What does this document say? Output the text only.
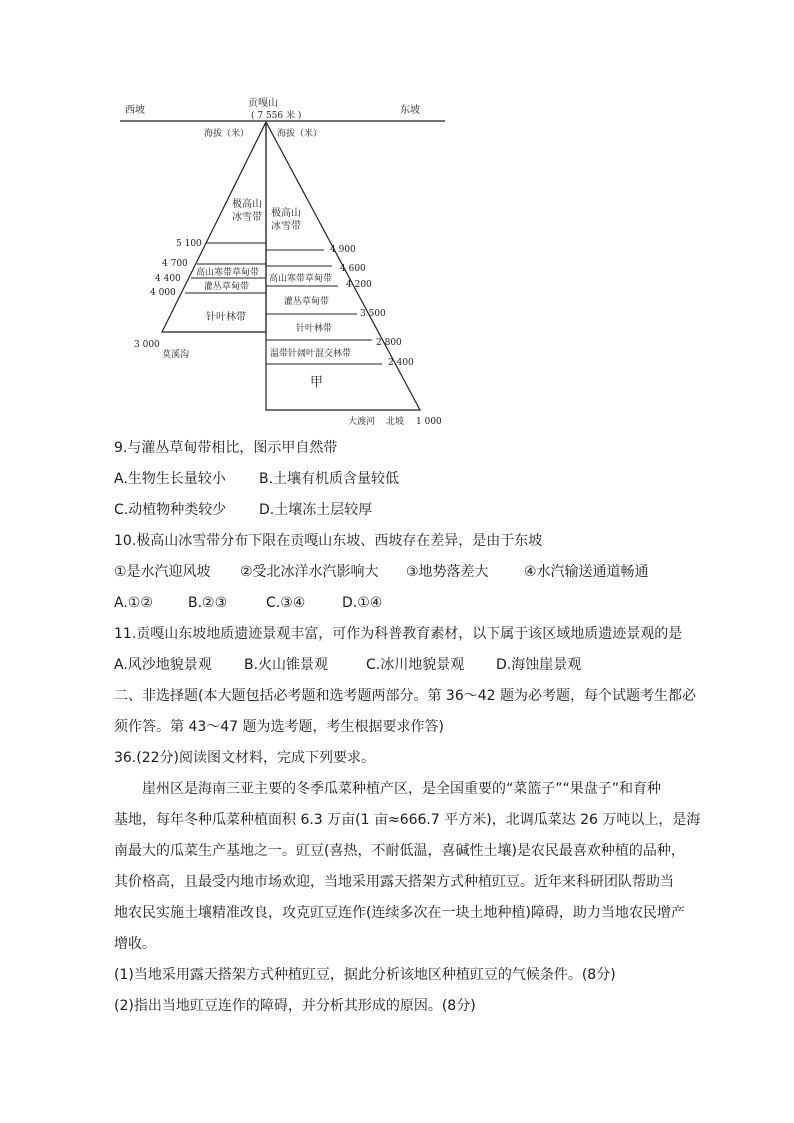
西坡	东坡
贡嘎山
( 7 556 米 )
海拔（米）	海拔（米）
极高山
冰雪带
高山寒带草甸带
灌丛草甸带
针叶林带
极高山
冰雪带
高山寒带草甸带
灌丛草甸带
针叶林带
温带针阔叶混交林带
甲
5 100
4 700
4 400
4 000
3 000
莫溪沟
4 900
4 600
4 200
3 500
2 800
2 400
大渡河 北坡 1 000
9.与灌丛草甸带相比，图示甲自然带
A.生物生长量较小 B.土壤有机质含量较低
C.动植物种类较少 D.土壤冻土层较厚
10.极高山冰雪带分布下限在贡嘎山东坡、西坡存在差异，是由于东坡
①是水汽迎风坡 ②受北冰洋水汽影响大 ③地势落差大	④水汽输送通道畅通
A.①②	B.②③	C.③④	D.①④
11.贡嘎山东坡地质遗迹景观丰富，可作为科普教育素材，以下属于该区域地质遗迹景观的是
A.风沙地貌景观 B.火山锥景观	C.冰川地貌景观 D.海蚀崖景观
二、非选择题(本大题包括必考题和选考题两部分。第 36～42 题为必考题，每个试题考生都必
须作答。第 43～47 题为选考题，考生根据要求作答)
36.(22分)阅读图文材料，完成下列要求。
崖州区是海南三亚主要的冬季瓜菜种植产区，是全国重要的“菜篮子”“果盘子”和育种
基地，每年冬种瓜菜种植面积 6.3 万亩(1 亩≈666.7 平方米)，北调瓜菜达 26 万吨以上，是海
南最大的瓜菜生产基地之一。豇豆(喜热，不耐低温，喜碱性土壤)是农民最喜欢种植的品种，
其价格高，且最受内地市场欢迎，当地采用露天搭架方式种植豇豆。近年来科研团队帮助当
地农民实施土壤精准改良，攻克豇豆连作(连续多次在一块土地种植)障碍，助力当地农民增产
增收。
(1)当地采用露天搭架方式种植豇豆，据此分析该地区种植豇豆的气候条件。(8分)
(2)指出当地豇豆连作的障碍，并分析其形成的原因。(8分)
